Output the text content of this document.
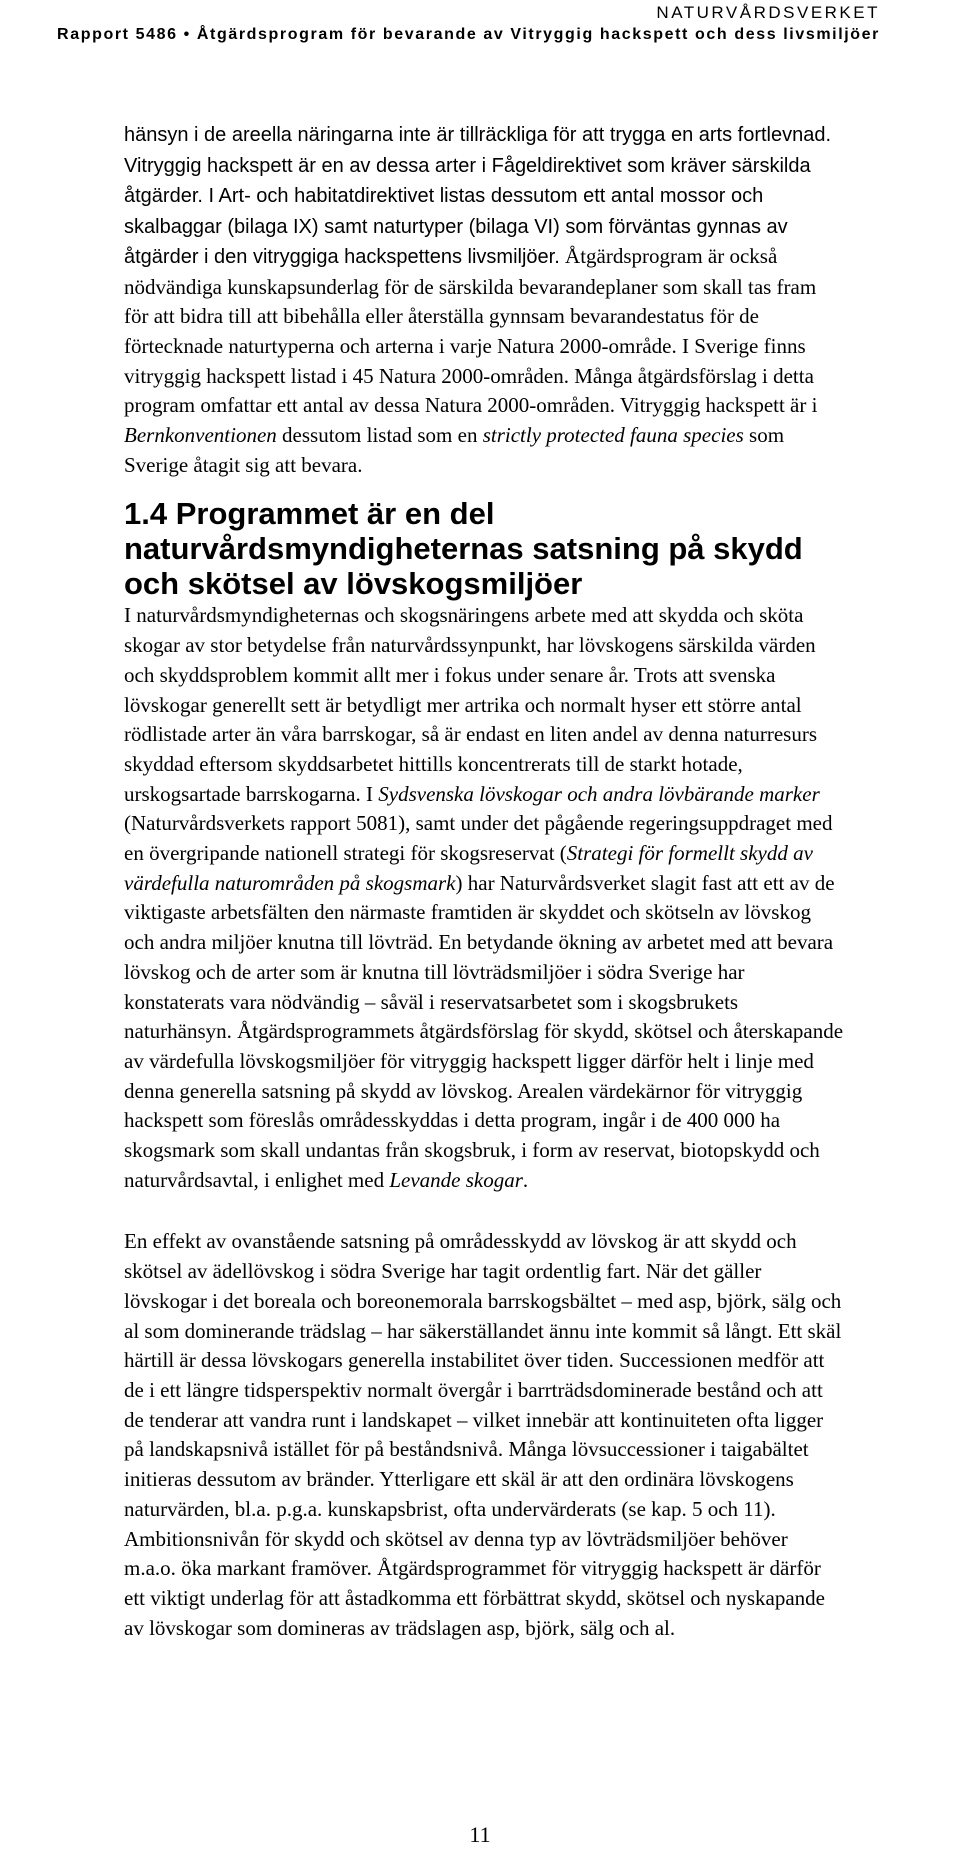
NATURVÅRDSVERKET
Rapport 5486 • Åtgärdsprogram för bevarande av Vitryggig hackspett och dess livsmiljöer

hänsyn i de areella näringarna inte är tillräckliga för att trygga en arts fortlevnad. Vitryggig hackspett är en av dessa arter i Fågeldirektivet som kräver särskilda åtgärder. I Art- och habitatdirektivet listas dessutom ett antal mossor och skalbaggar (bilaga IX) samt naturtyper (bilaga VI) som förväntas gynnas av åtgärder i den vitryggiga hackspettens livsmiljöer. Åtgärdsprogram är också nödvändiga kunskapsunderlag för de särskilda bevarandeplaner som skall tas fram för att bidra till att bibehålla eller återställa gynnsam bevarandestatus för de förtecknade naturtyperna och arterna i varje Natura 2000-område. I Sverige finns vitryggig hackspett listad i 45 Natura 2000-områden. Många åtgärdsförslag i detta program omfattar ett antal av dessa Natura 2000-områden. Vitryggig hackspett är i Bernkonventionen dessutom listad som en strictly protected fauna species som Sverige åtagit sig att bevara.

1.4 Programmet är en del naturvårdsmyndigheternas satsning på skydd och skötsel av lövskogsmiljöer

I naturvårdsmyndigheternas och skogsnäringens arbete med att skydda och sköta skogar av stor betydelse från naturvårdssynpunkt, har lövskogens särskilda värden och skyddsproblem kommit allt mer i fokus under senare år. Trots att svenska lövskogar generellt sett är betydligt mer artrika och normalt hyser ett större antal rödlistade arter än våra barrskogar, så är endast en liten andel av denna naturresurs skyddad eftersom skyddsarbetet hittills koncentrerats till de starkt hotade, urskogsartade barrskogarna. I Sydsvenska lövskogar och andra lövbärande marker (Naturvårdsverkets rapport 5081), samt under det pågående regeringsuppdraget med en övergripande nationell strategi för skogsreservat (Strategi för formellt skydd av värdefulla naturområden på skogsmark) har Naturvårdsverket slagit fast att ett av de viktigaste arbetsfälten den närmaste framtiden är skyddet och skötseln av lövskog och andra miljöer knutna till lövträd. En betydande ökning av arbetet med att bevara lövskog och de arter som är knutna till lövträdsmiljöer i södra Sverige har konstaterats vara nödvändig – såväl i reservatsarbetet som i skogsbrukets naturhänsyn. Åtgärdsprogrammets åtgärdsförslag för skydd, skötsel och återskapande av värdefulla lövskogsmiljöer för vitryggig hackspett ligger därför helt i linje med denna generella satsning på skydd av lövskog. Arealen värdekärnor för vitryggig hackspett som föreslås områdesskyddas i detta program, ingår i de 400 000 ha skogsmark som skall undantas från skogsbruk, i form av reservat, biotopskydd och naturvårdsavtal, i enlighet med Levande skogar.

En effekt av ovanstående satsning på områdesskydd av lövskog är att skydd och skötsel av ädellövskog i södra Sverige har tagit ordentlig fart. När det gäller lövskogar i det boreala och boreonemorala barrskogsbältet – med asp, björk, sälg och al som dominerande trädslag – har säkerställandet ännu inte kommit så långt. Ett skäl härtill är dessa lövskogars generella instabilitet över tiden. Successionen medför att de i ett längre tidsperspektiv normalt övergår i barrträdsdominerade bestånd och att de tenderar att vandra runt i landskapet – vilket innebär att kontinuiteten ofta ligger på landskapsnivå istället för på beståndsnivå. Många lövsuccessioner i taigabältet initieras dessutom av bränder. Ytterligare ett skäl är att den ordinära lövskogens naturvärden, bl.a. p.g.a. kunskapsbrist, ofta undervärderats (se kap. 5 och 11). Ambitionsnivån för skydd och skötsel av denna typ av lövträdsmiljöer behöver m.a.o. öka markant framöver. Åtgärdsprogrammet för vitryggig hackspett är därför ett viktigt underlag för att åstadkomma ett förbättrat skydd, skötsel och nyskapande av lövskogar som domineras av trädslagen asp, björk, sälg och al.

11
